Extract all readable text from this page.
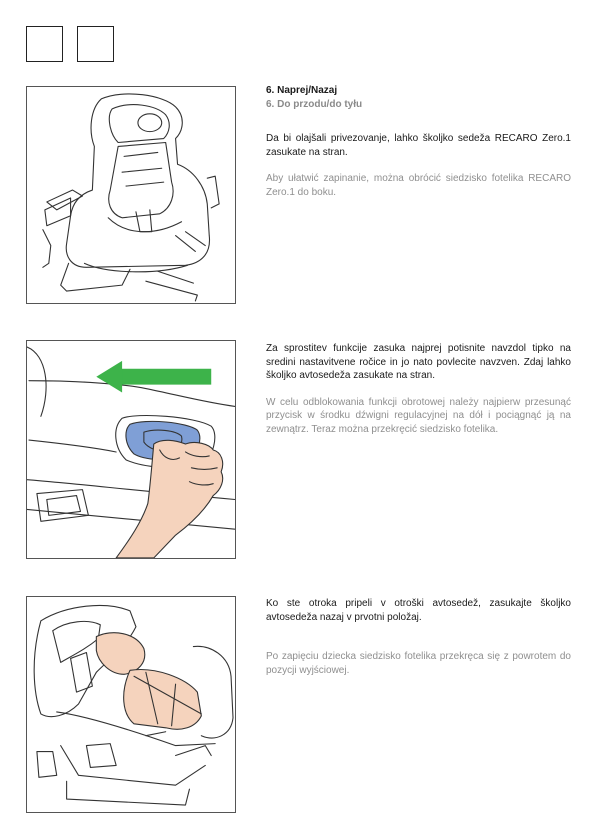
6. Naprej/Nazaj
6. Do przodu/do tyłu

Da bi olajšali privezovanje, lahko školjko sedeža RECARO Zero.1 zasukate na stran.

Aby ułatwić zapinanie, można obrócić siedzisko fotelika RECARO Zero.1 do boku.

Za sprostitev funkcije zasuka najprej potisnite navzdol tipko na sredini nastavitvene ročice in jo nato povlecite navzven. Zdaj lahko školjko avtosedeža zasukate na stran.

W celu odblokowania funkcji obrotowej należy najpierw przesunąć przycisk w środku dźwigni regulacyjnej na dół i pociągnąć ją na zewnątrz. Teraz można przekręcić siedzisko fotelika.

Ko ste otroka pripeli v otroški avtosedež, zasukajte školjko avtosedeža nazaj v prvotni položaj.

Po zapięciu dziecka siedzisko fotelika przekręca się z powrotem do pozycji wyjściowej.
